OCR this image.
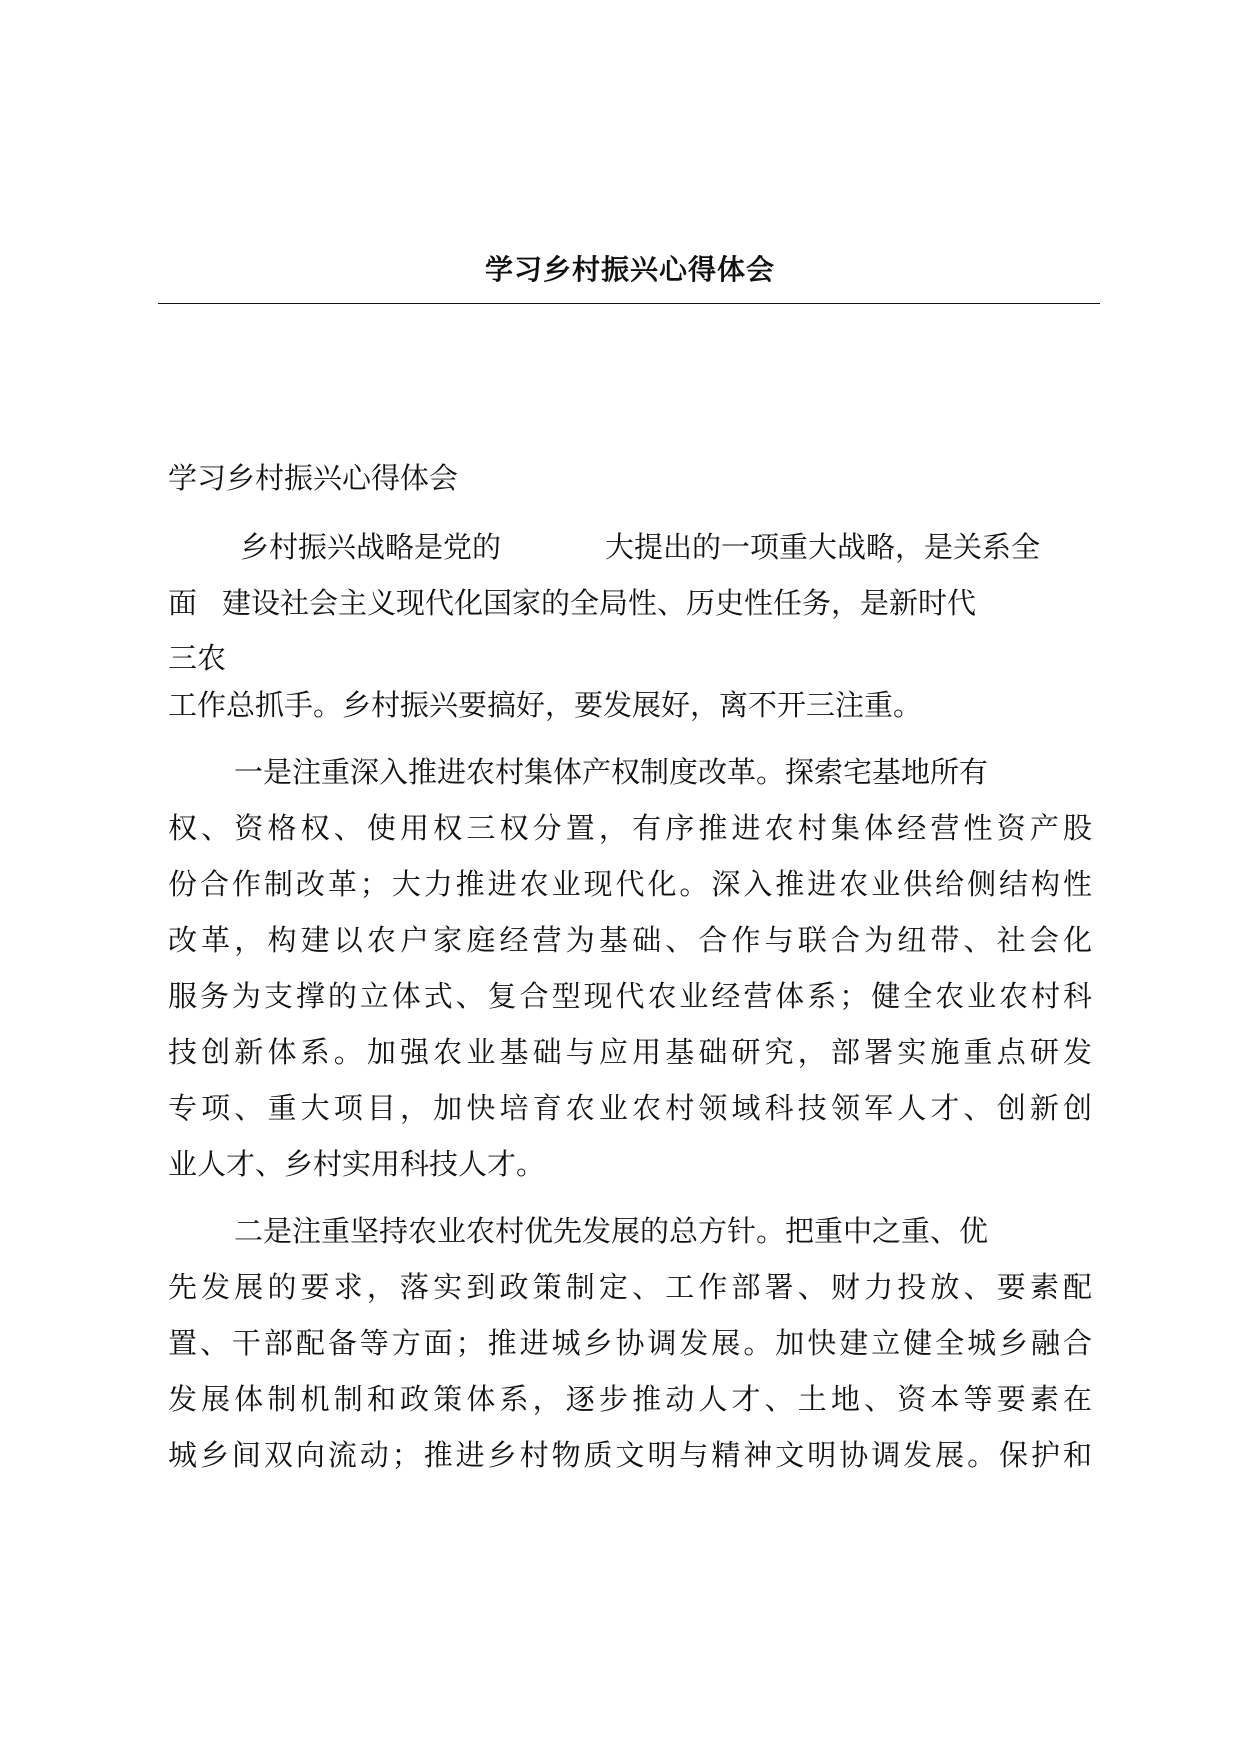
学习乡村振兴心得体会
学习乡村振兴心得体会
乡村振兴战略是党的	大提出的一项重大战略，是关系全
面 建设社会主义现代化国家的全局性、历史性任务，是新时代
三农
工作总抓手。乡村振兴要搞好，要发展好，离不开三注重。
一是注重深入推进农村集体产权制度改革。探索宅基地所有
权、资格权、使用权三权分置，有序推进农村集体经营性资产股
份合作制改革；大力推进农业现代化。深入推进农业供给侧结构性
改革，构建以农户家庭经营为基础、合作与联合为纽带、社会化
服务为支撑的立体式、复合型现代农业经营体系；健全农业农村科
技创新体系。加强农业基础与应用基础研究，部署实施重点研发
专项、重大项目，加快培育农业农村领域科技领军人才、创新创
业人才、乡村实用科技人才。
二是注重坚持农业农村优先发展的总方针。把重中之重、优
先发展的要求，落实到政策制定、工作部署、财力投放、要素配
置、干部配备等方面；推进城乡协调发展。加快建立健全城乡融合
发展体制机制和政策体系，逐步推动人才、土地、资本等要素在
城乡间双向流动；推进乡村物质文明与精神文明协调发展。保护和
